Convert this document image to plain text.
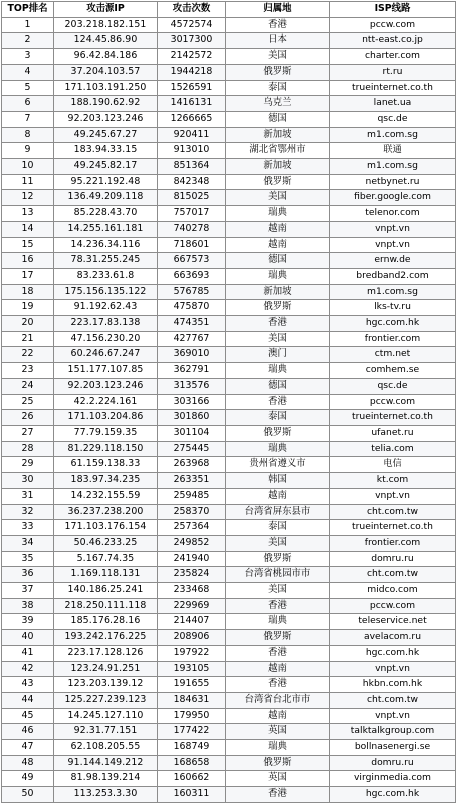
TOP排名	攻击源IP	攻击次数	归属地	ISP线路
1	203.218.182.151	4572574	香港	pccw.com
2	124.45.86.90	3017300	日本	ntt-east.co.jp
3	96.42.84.186	2142572	美国	charter.com
4	37.204.103.57	1944218	俄罗斯	rt.ru
5	171.103.191.250	1526591	泰国	trueinternet.co.th
6	188.190.62.92	1416131	乌克兰	lanet.ua
7	92.203.123.246	1266665	德国	qsc.de
8	49.245.67.27	920411	新加坡	m1.com.sg
9	183.94.33.15	913010	湖北省鄂州市	联通
10	49.245.82.17	851364	新加坡	m1.com.sg
11	95.221.192.48	842348	俄罗斯	netbynet.ru
12	136.49.209.118	815025	美国	fiber.google.com
13	85.228.43.70	757017	瑞典	telenor.com
14	14.255.161.181	740278	越南	vnpt.vn
15	14.236.34.116	718601	越南	vnpt.vn
16	78.31.255.245	667573	德国	ernw.de
17	83.233.61.8	663693	瑞典	bredband2.com
18	175.156.135.122	576785	新加坡	m1.com.sg
19	91.192.62.43	475870	俄罗斯	lks-tv.ru
20	223.17.83.138	474351	香港	hgc.com.hk
21	47.156.230.20	427767	美国	frontier.com
22	60.246.67.247	369010	澳门	ctm.net
23	151.177.107.85	362791	瑞典	comhem.se
24	92.203.123.246	313576	德国	qsc.de
25	42.2.224.161	303166	香港	pccw.com
26	171.103.204.86	301860	泰国	trueinternet.co.th
27	77.79.159.35	301104	俄罗斯	ufanet.ru
28	81.229.118.150	275445	瑞典	telia.com
29	61.159.138.33	263968	贵州省遵义市	电信
30	183.97.34.235	263351	韩国	kt.com
31	14.232.155.59	259485	越南	vnpt.vn
32	36.237.238.200	258370	台湾省屏东县市	cht.com.tw
33	171.103.176.154	257364	泰国	trueinternet.co.th
34	50.46.233.25	249852	美国	frontier.com
35	5.167.74.35	241940	俄罗斯	domru.ru
36	1.169.118.131	235824	台湾省桃园市市	cht.com.tw
37	140.186.25.241	233468	美国	midco.com
38	218.250.111.118	229969	香港	pccw.com
39	185.176.28.16	214407	瑞典	teleservice.net
40	193.242.176.225	208906	俄罗斯	avelacom.ru
41	223.17.128.126	197922	香港	hgc.com.hk
42	123.24.91.251	193105	越南	vnpt.vn
43	123.203.139.12	191655	香港	hkbn.com.hk
44	125.227.239.123	184631	台湾省台北市市	cht.com.tw
45	14.245.127.110	179950	越南	vnpt.vn
46	92.31.77.151	177422	英国	talktalkgroup.com
47	62.108.205.55	168749	瑞典	bollnasenergi.se
48	91.144.149.212	168658	俄罗斯	domru.ru
49	81.98.139.214	160662	英国	virginmedia.com
50	113.253.3.30	160311	香港	hgc.com.hk
